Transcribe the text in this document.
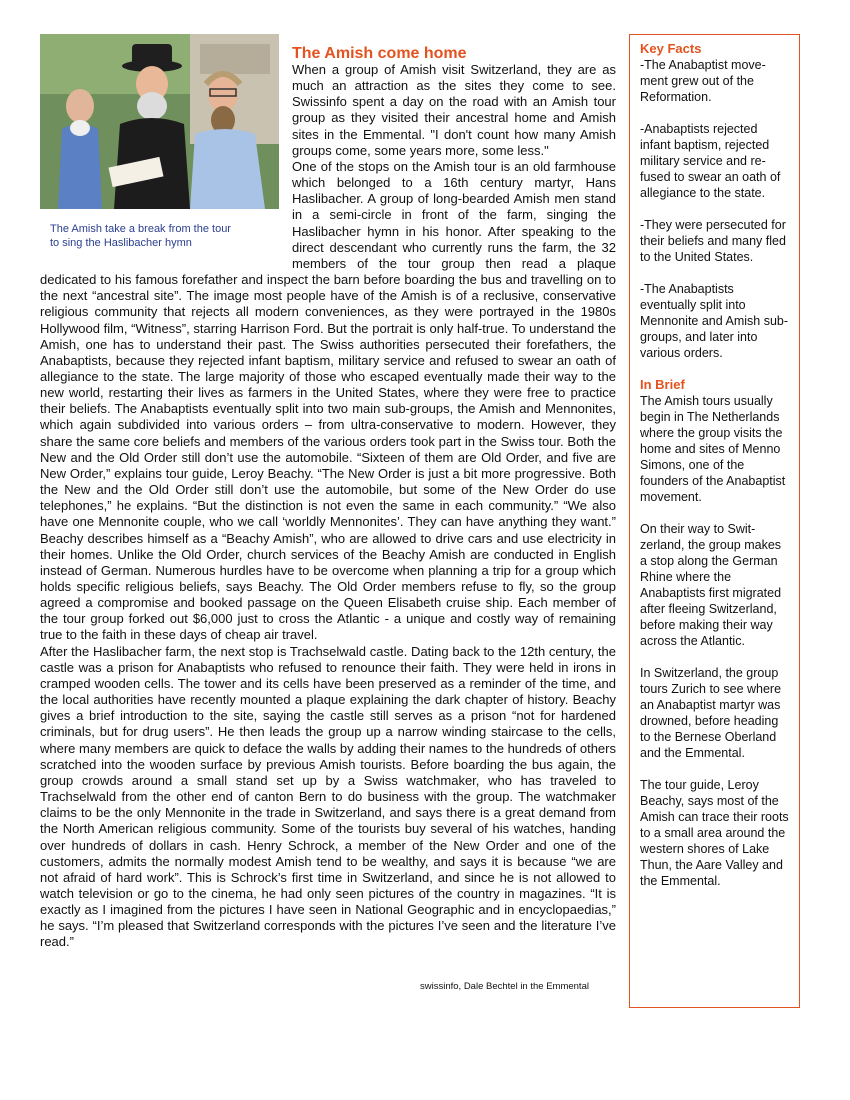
The Amish take a break from the tour
to sing the Haslibacher hymn
The Amish come home

When a group of Amish visit Switzerland, they are as much an attraction as the sites they come to see. Swissinfo spent a day on the road with an Amish tour group as they visited their ancestral home and Amish sites in the Emmental. "I don't count how many Amish groups come, some years more, some less."

One of the stops on the Amish tour is an old farmhouse which belonged to a 16th century martyr, Hans Haslibacher. A group of long-bearded Amish men stand in a semi-circle in front of the farm, singing the Haslibacher hymn in his honor. After speaking to the direct descendant who currently runs the farm, the 32 members of the tour group then read a plaque dedicated to his famous forefather and inspect the barn before boarding the bus and travelling on to the next “ancestral site”. The image most people have of the Amish is of a reclusive, conservative religious community that rejects all modern conveniences, as they were portrayed in the 1980s Hollywood film, “Witness”, starring Harrison Ford. But the portrait is only half-true. To understand the Amish, one has to understand their past. The Swiss authorities persecuted their forefathers, the Anabaptists, because they rejected infant baptism, military service and refused to swear an oath of allegiance to the state. The large majority of those who escaped eventually made their way to the new world, restarting their lives as farmers in the United States, where they were free to practice their beliefs. The Anabaptists eventually split into two main sub-groups, the Amish and Mennonites, which again subdivided into various orders – from ultra-conservative to modern. However, they share the same core beliefs and members of the various orders took part in the Swiss tour. Both the New and the Old Order still don’t use the automobile. “Sixteen of them are Old Order, and five are New Order,” explains tour guide, Leroy Beachy. “The New Order is just a bit more progressive. Both the New and the Old Order still don’t use the automobile, but some of the New Order do use telephones,” he explains. “But the distinction is not even the same in each community.” “We also have one Mennonite couple, who we call ‘worldly Mennonites’. They can have anything they want.” Beachy describes himself as a “Beachy Amish”, who are allowed to drive cars and use electricity in their homes. Unlike the Old Order, church services of the Beachy Amish are conducted in English instead of German. Numerous hurdles have to be overcome when planning a trip for a group which holds specific religious beliefs, says Beachy. The Old Order members refuse to fly, so the group agreed a compromise and booked passage on the Queen Elisabeth cruise ship. Each member of the tour group forked out $6,000 just to cross the Atlantic - a unique and costly way of remaining true to the faith in these days of cheap air travel.

After the Haslibacher farm, the next stop is Trachselwald castle. Dating back to the 12th century, the castle was a prison for Anabaptists who refused to renounce their faith. They were held in irons in cramped wooden cells. The tower and its cells have been preserved as a reminder of the time, and the local authorities have recently mounted a plaque explaining the dark chapter of history. Beachy gives a brief introduction to the site, saying the castle still serves as a prison “not for hardened criminals, but for drug users”. He then leads the group up a narrow winding staircase to the cells, where many members are quick to deface the walls by adding their names to the hundreds of others scratched into the wooden surface by previous Amish tourists. Before boarding the bus again, the group crowds around a small stand set up by a Swiss watchmaker, who has traveled to Trachselwald from the other end of canton Bern to do business with the group. The watchmaker claims to be the only Mennonite in the trade in Switzerland, and says there is a great demand from the North American religious community. Some of the tourists buy several of his watches, handing over hundreds of dollars in cash. Henry Schrock, a member of the New Order and one of the customers, admits the normally modest Amish tend to be wealthy, and says it is because “we are not afraid of hard work”. This is Schrock’s first time in Switzerland, and since he is not allowed to watch television or go to the cinema, he had only seen pictures of the country in magazines. “It is exactly as I imagined from the pictures I have seen in National Geographic and in encyclopaedias,” he says. “I’m pleased that Switzerland corresponds with the pictures I’ve seen and the literature I’ve read.”

swissinfo, Dale Bechtel in the Emmental
Key Facts

-The Anabaptist movement grew out of the Reformation.

-Anabaptists rejected infant baptism, rejected military service and refused to swear an oath of allegiance to the state.

-They were persecuted for their beliefs and many fled to the United States.

-The Anabaptists eventually split into Mennonite and Amish sub-groups, and later into various orders.

In Brief

The Amish tours usually begin in The Netherlands where the group visits the home and sites of Menno Simons, one of the founders of the Anabaptist movement.

On their way to Switzerland, the group makes a stop along the German Rhine where the Anabaptists first migrated after fleeing Switzerland, before making their way across the Atlantic.

In Switzerland, the group tours Zurich to see where an Anabaptist martyr was drowned, before heading to the Bernese Oberland and the Emmental.

The tour guide, Leroy Beachy, says most of the Amish can trace their roots to a small area around the western shores of Lake Thun, the Aare Valley and the Emmental.
